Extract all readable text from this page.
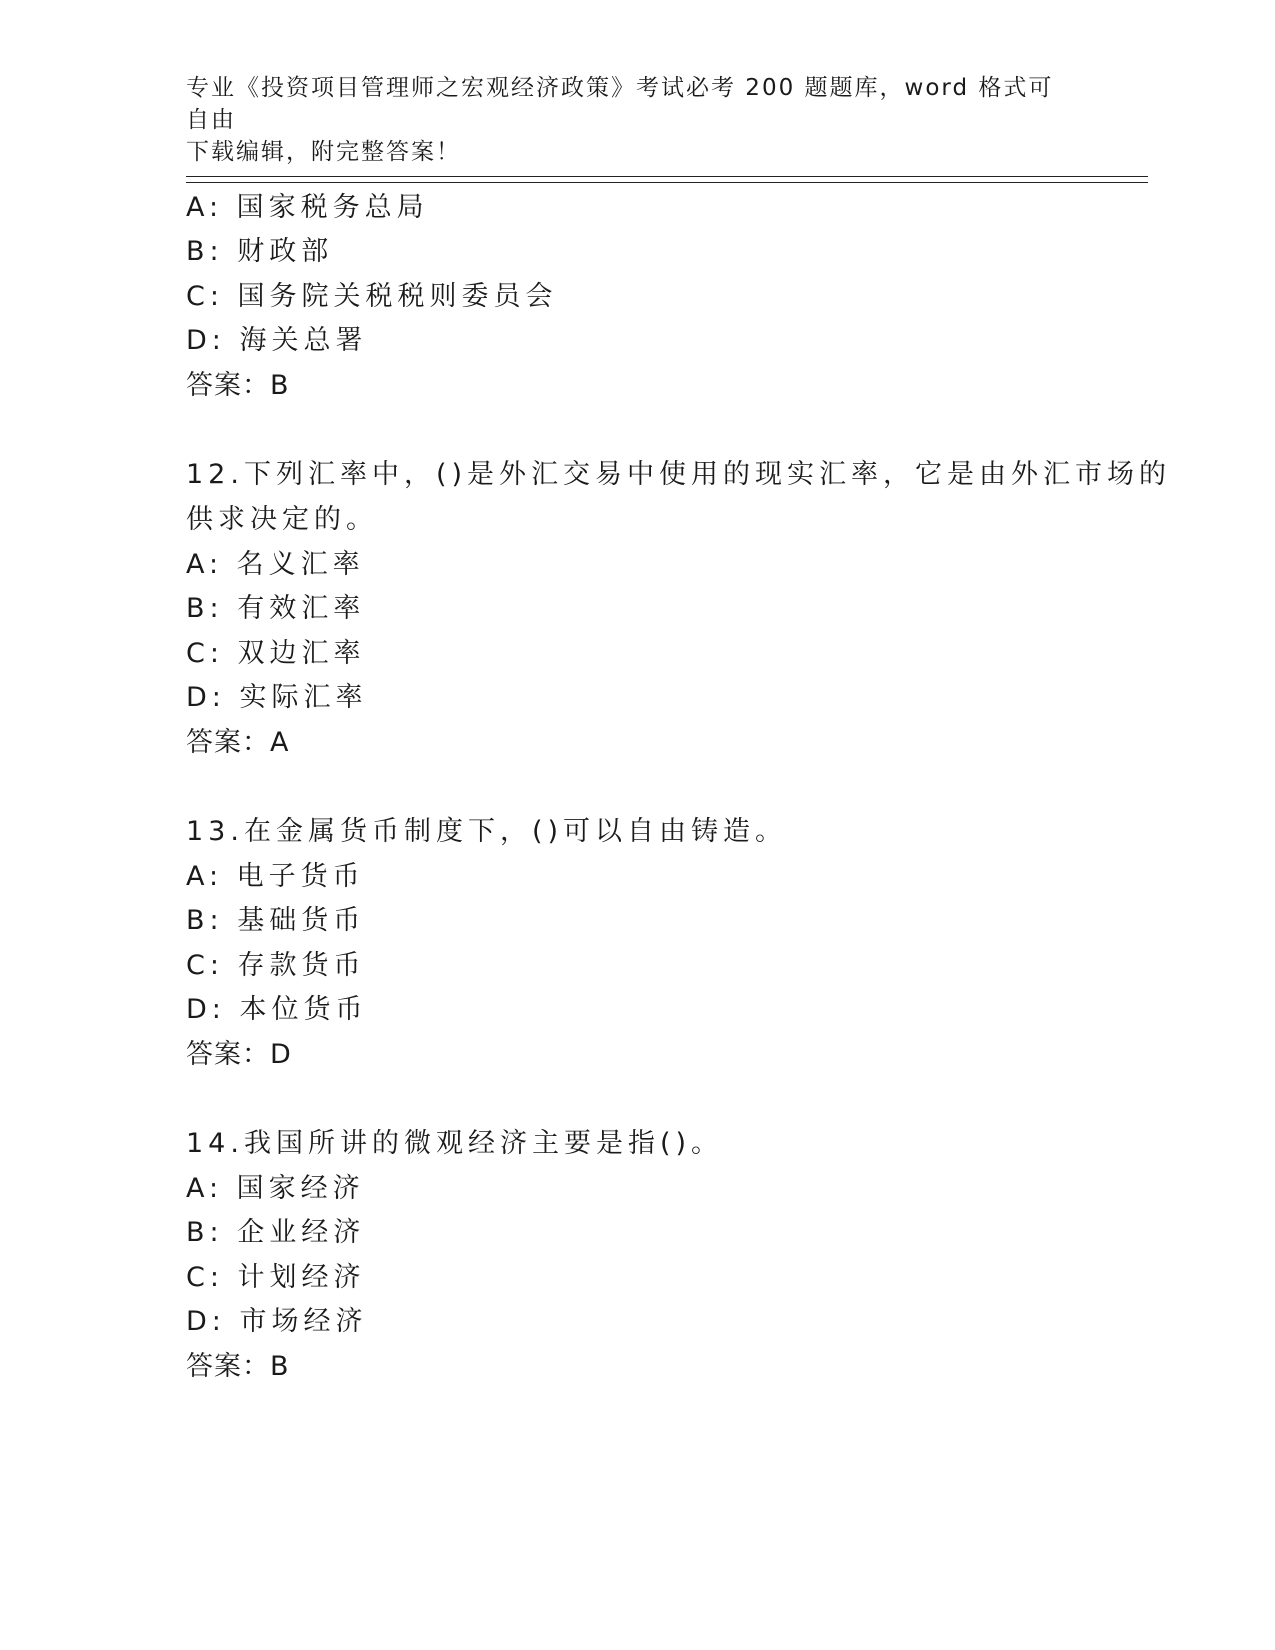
专业《投资项目管理师之宏观经济政策》考试必考 200 题题库，word 格式可自由
下载编辑，附完整答案！
A: 国家税务总局
B: 财政部
C: 国务院关税税则委员会
D: 海关总署
答案：B
12.下列汇率中，()是外汇交易中使用的现实汇率，它是由外汇市场的
供求决定的。
A: 名义汇率
B: 有效汇率
C: 双边汇率
D: 实际汇率
答案：A
13.在金属货币制度下，()可以自由铸造。
A: 电子货币
B: 基础货币
C: 存款货币
D: 本位货币
答案：D
14.我国所讲的微观经济主要是指()。
A: 国家经济
B: 企业经济
C: 计划经济
D: 市场经济
答案：B
